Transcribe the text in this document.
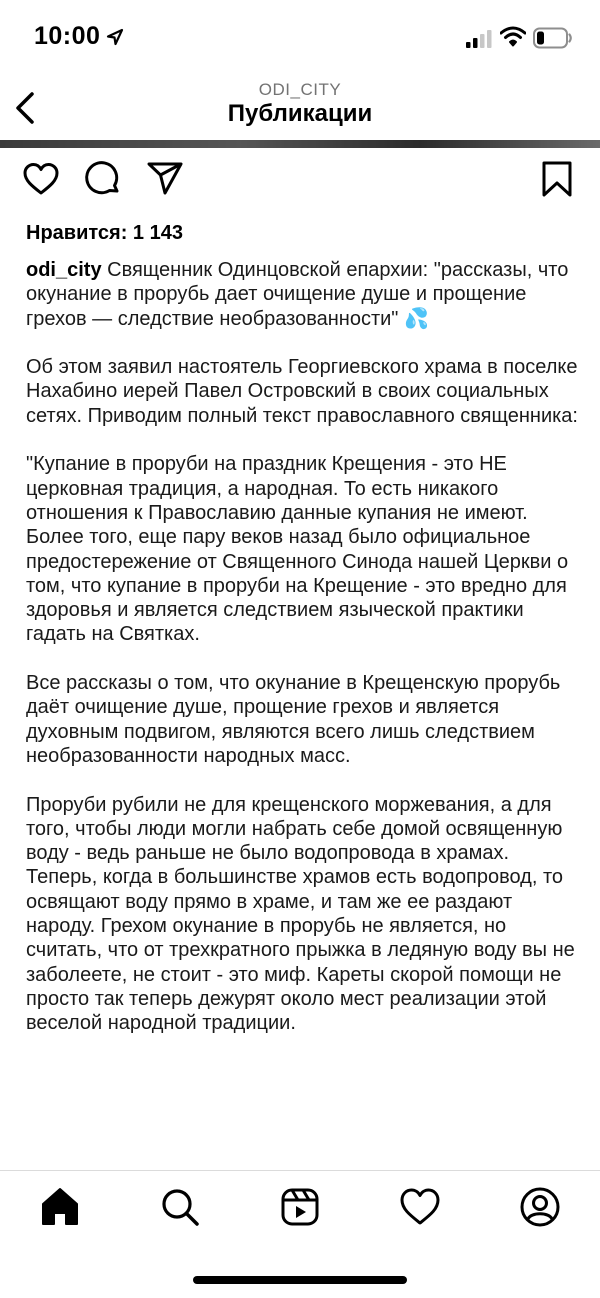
10:00
ODI_CITY
Публикации
Нравится: 1 143

odi_city Священник Одинцовской епархии: "рассказы, что окунание в прорубь дает очищение душе и прощение грехов — следствие необразованности" 💦

Об этом заявил настоятель Георгиевского храма в поселке Нахабино иерей Павел Островский в своих социальных сетях. Приводим полный текст православного священника:

"Купание в проруби на праздник Крещения - это НЕ церковная традиция, а народная. То есть никакого отношения к Православию данные купания не имеют. Более того, еще пару веков назад было официальное предостережение от Священного Синода нашей Церкви о том, что купание в проруби на Крещение - это вредно для здоровья и является следствием языческой практики гадать на Святках.

Все рассказы о том, что окунание в Крещенскую прорубь даёт очищение душе, прощение грехов и является духовным подвигом, являются всего лишь следствием необразованности народных масс.

Проруби рубили не для крещенского моржевания, а для того, чтобы люди могли набрать себе домой освященную воду - ведь раньше не было водопровода в храмах. Теперь, когда в большинстве храмов есть водопровод, то освящают воду прямо в храме, и там же ее раздают народу. Грехом окунание в прорубь не является, но считать, что от трехкратного прыжка в ледяную воду вы не заболеете, не стоит - это миф. Кареты скорой помощи не просто так теперь дежурят около мест реализации этой веселой народной традиции.
